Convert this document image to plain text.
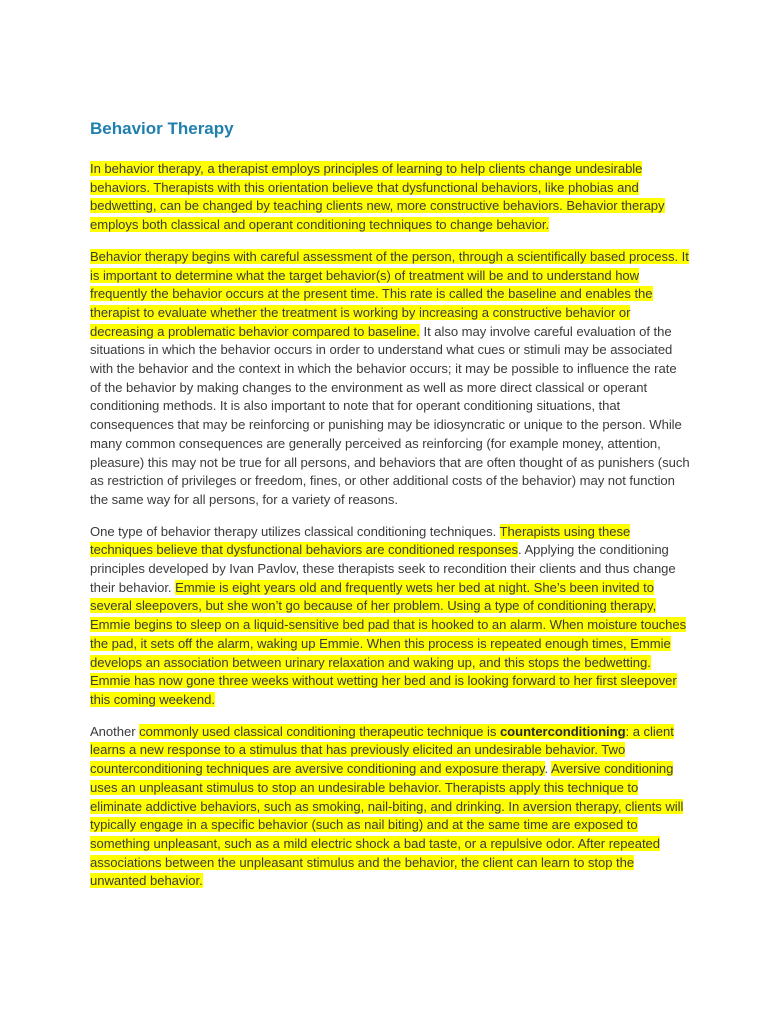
Behavior Therapy

In behavior therapy, a therapist employs principles of learning to help clients change undesirable behaviors. Therapists with this orientation believe that dysfunctional behaviors, like phobias and bedwetting, can be changed by teaching clients new, more constructive behaviors. Behavior therapy employs both classical and operant conditioning techniques to change behavior.

Behavior therapy begins with careful assessment of the person, through a scientifically based process. It is important to determine what the target behavior(s) of treatment will be and to understand how frequently the behavior occurs at the present time. This rate is called the baseline and enables the therapist to evaluate whether the treatment is working by increasing a constructive behavior or decreasing a problematic behavior compared to baseline. It also may involve careful evaluation of the situations in which the behavior occurs in order to understand what cues or stimuli may be associated with the behavior and the context in which the behavior occurs; it may be possible to influence the rate of the behavior by making changes to the environment as well as more direct classical or operant conditioning methods. It is also important to note that for operant conditioning situations, that consequences that may be reinforcing or punishing may be idiosyncratic or unique to the person. While many common consequences are generally perceived as reinforcing (for example money, attention, pleasure) this may not be true for all persons, and behaviors that are often thought of as punishers (such as restriction of privileges or freedom, fines, or other additional costs of the behavior) may not function the same way for all persons, for a variety of reasons.

One type of behavior therapy utilizes classical conditioning techniques. Therapists using these techniques believe that dysfunctional behaviors are conditioned responses. Applying the conditioning principles developed by Ivan Pavlov, these therapists seek to recondition their clients and thus change their behavior. Emmie is eight years old and frequently wets her bed at night. She’s been invited to several sleepovers, but she won’t go because of her problem. Using a type of conditioning therapy, Emmie begins to sleep on a liquid-sensitive bed pad that is hooked to an alarm. When moisture touches the pad, it sets off the alarm, waking up Emmie. When this process is repeated enough times, Emmie develops an association between urinary relaxation and waking up, and this stops the bedwetting. Emmie has now gone three weeks without wetting her bed and is looking forward to her first sleepover this coming weekend.

Another commonly used classical conditioning therapeutic technique is counterconditioning: a client learns a new response to a stimulus that has previously elicited an undesirable behavior. Two counterconditioning techniques are aversive conditioning and exposure therapy. Aversive conditioning uses an unpleasant stimulus to stop an undesirable behavior. Therapists apply this technique to eliminate addictive behaviors, such as smoking, nail-biting, and drinking. In aversion therapy, clients will typically engage in a specific behavior (such as nail biting) and at the same time are exposed to something unpleasant, such as a mild electric shock a bad taste, or a repulsive odor. After repeated associations between the unpleasant stimulus and the behavior, the client can learn to stop the unwanted behavior.
